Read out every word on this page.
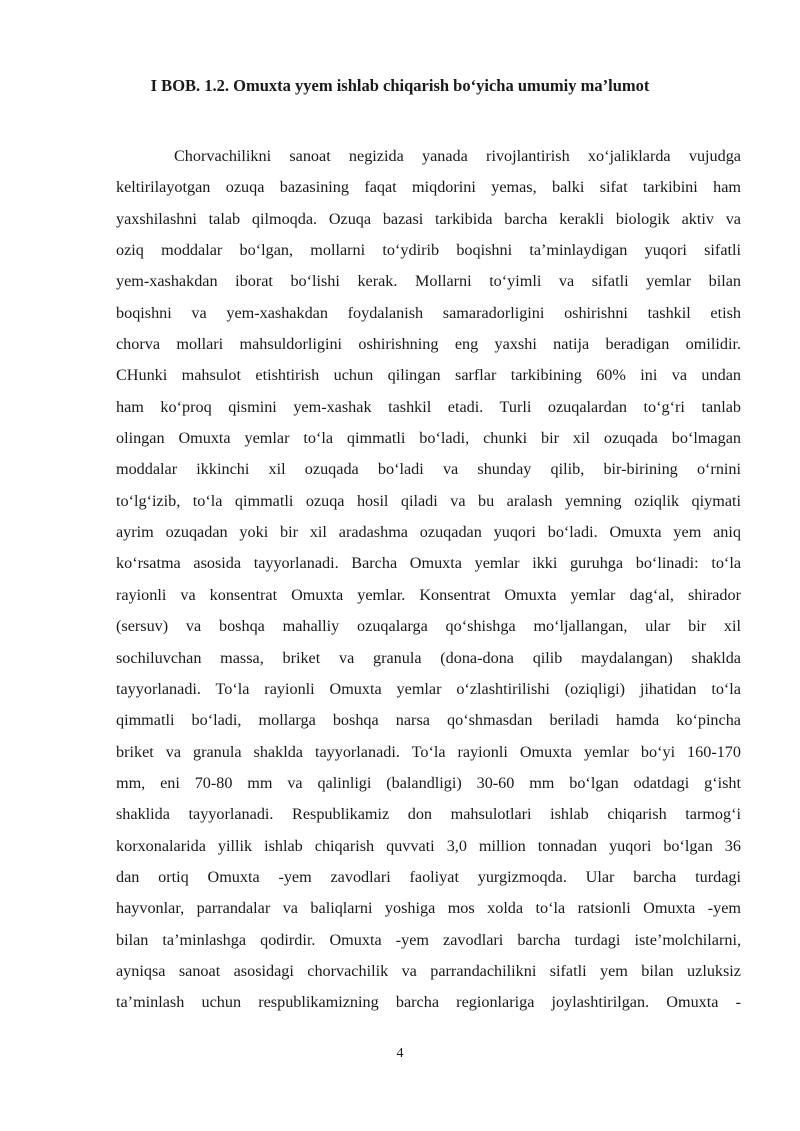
I BOB. 1.2. Omuxta yyem ishlab chiqarish bo‘yicha umumiy ma’lumot
Chorvachilikni sanoat negizida yanada rivojlantirish xo‘jaliklarda vujudga
keltirilayotgan ozuqa bazasining faqat miqdorini yemas, balki sifat tarkibini ham
yaxshilashni talab qilmoqda. Ozuqa bazasi tarkibida barcha kerakli biologik aktiv va
oziq moddalar bo‘lgan, mollarni to‘ydirib boqishni ta’minlaydigan yuqori sifatli
yem-xashakdan iborat bo‘lishi kerak. Mollarni to‘yimli va sifatli yemlar bilan
boqishni va yem-xashakdan foydalanish samaradorligini oshirishni tashkil etish
chorva mollari mahsuldorligini oshirishning eng yaxshi natija beradigan omilidir.
CHunki mahsulot etishtirish uchun qilingan sarflar tarkibining 60% ini va undan
ham ko‘proq qismini yem-xashak tashkil etadi. Turli ozuqalardan to‘g‘ri tanlab
olingan Omuxta yemlar to‘la qimmatli bo‘ladi, chunki bir xil ozuqada bo‘lmagan
moddalar ikkinchi xil ozuqada bo‘ladi va shunday qilib, bir-birining o‘rnini
to‘lg‘izib, to‘la qimmatli ozuqa hosil qiladi va bu aralash yemning oziqlik qiymati
ayrim ozuqadan yoki bir xil aradashma ozuqadan yuqori bo‘ladi. Omuxta yem aniq
ko‘rsatma asosida tayyorlanadi. Barcha Omuxta yemlar ikki guruhga bo‘linadi: to‘la
rayionli va konsentrat Omuxta yemlar. Konsentrat Omuxta yemlar dag‘al, shirador
(sersuv) va boshqa mahalliy ozuqalarga qo‘shishga mo‘ljallangan, ular bir xil
sochiluvchan massa, briket va granula (dona-dona qilib maydalangan) shaklda
tayyorlanadi. To‘la rayionli Omuxta yemlar o‘zlashtirilishi (oziqligi) jihatidan to‘la
qimmatli bo‘ladi, mollarga boshqa narsa qo‘shmasdan beriladi hamda ko‘pincha
briket va granula shaklda tayyorlanadi. To‘la rayionli Omuxta yemlar bo‘yi 160-170
mm, eni 70-80 mm va qalinligi (balandligi) 30-60 mm bo‘lgan odatdagi g‘isht
shaklida tayyorlanadi. Respublikamiz don mahsulotlari ishlab chiqarish tarmog‘i
korxonalarida yillik ishlab chiqarish quvvati 3,0 million tonnadan yuqori bo‘lgan 36
dan ortiq Omuxta -yem zavodlari faoliyat yurgizmoqda. Ular barcha turdagi
hayvonlar, parrandalar va baliqlarni yoshiga mos xolda to‘la ratsionli Omuxta -yem
bilan ta’minlashga qodirdir. Omuxta -yem zavodlari barcha turdagi iste’molchilarni,
ayniqsa sanoat asosidagi chorvachilik va parrandachilikni sifatli yem bilan uzluksiz
ta’minlash uchun respublikamizning barcha regionlariga joylashtirilgan. Omuxta -
4
